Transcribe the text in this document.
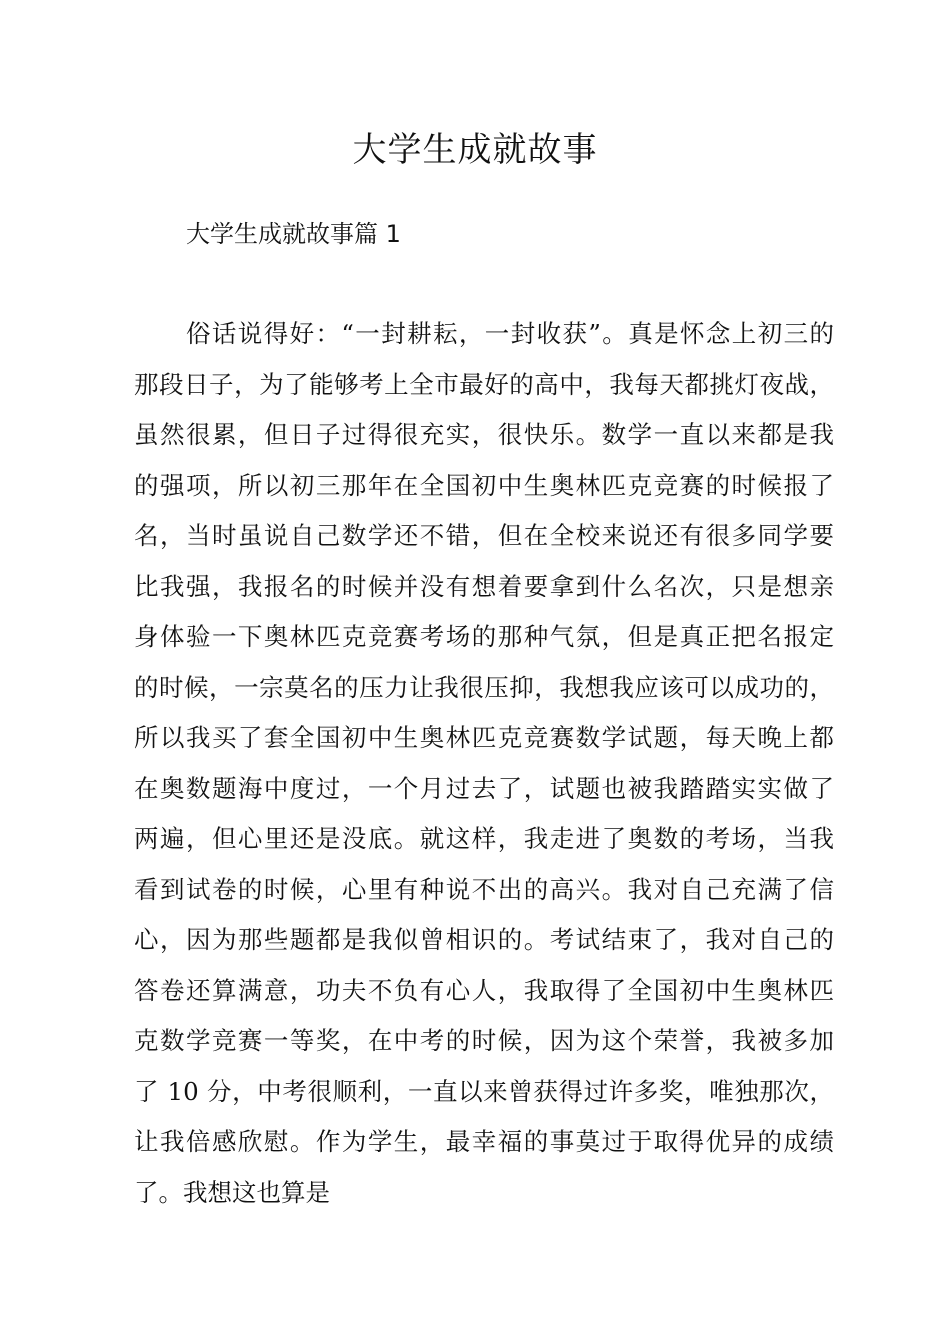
大学生成就故事
大学生成就故事篇 1
俗话说得好：“一封耕耘，一封收获”。真是怀念上初三的
那段日子，为了能够考上全市最好的高中，我每天都挑灯夜战，
虽然很累，但日子过得很充实，很快乐。数学一直以来都是我
的强项，所以初三那年在全国初中生奥林匹克竞赛的时候报了
名，当时虽说自己数学还不错，但在全校来说还有很多同学要
比我强，我报名的时候并没有想着要拿到什么名次，只是想亲
身体验一下奥林匹克竞赛考场的那种气氛，但是真正把名报定
的时候，一宗莫名的压力让我很压抑，我想我应该可以成功的，
所以我买了套全国初中生奥林匹克竞赛数学试题，每天晚上都
在奥数题海中度过，一个月过去了，试题也被我踏踏实实做了
两遍，但心里还是没底。就这样，我走进了奥数的考场，当我
看到试卷的时候，心里有种说不出的高兴。我对自己充满了信
心，因为那些题都是我似曾相识的。考试结束了，我对自己的
答卷还算满意，功夫不负有心人，我取得了全国初中生奥林匹
克数学竞赛一等奖，在中考的时候，因为这个荣誉，我被多加
了 10 分，中考很顺利，一直以来曾获得过许多奖，唯独那次，
让我倍感欣慰。作为学生，最幸福的事莫过于取得优异的成绩
了。我想这也算是
